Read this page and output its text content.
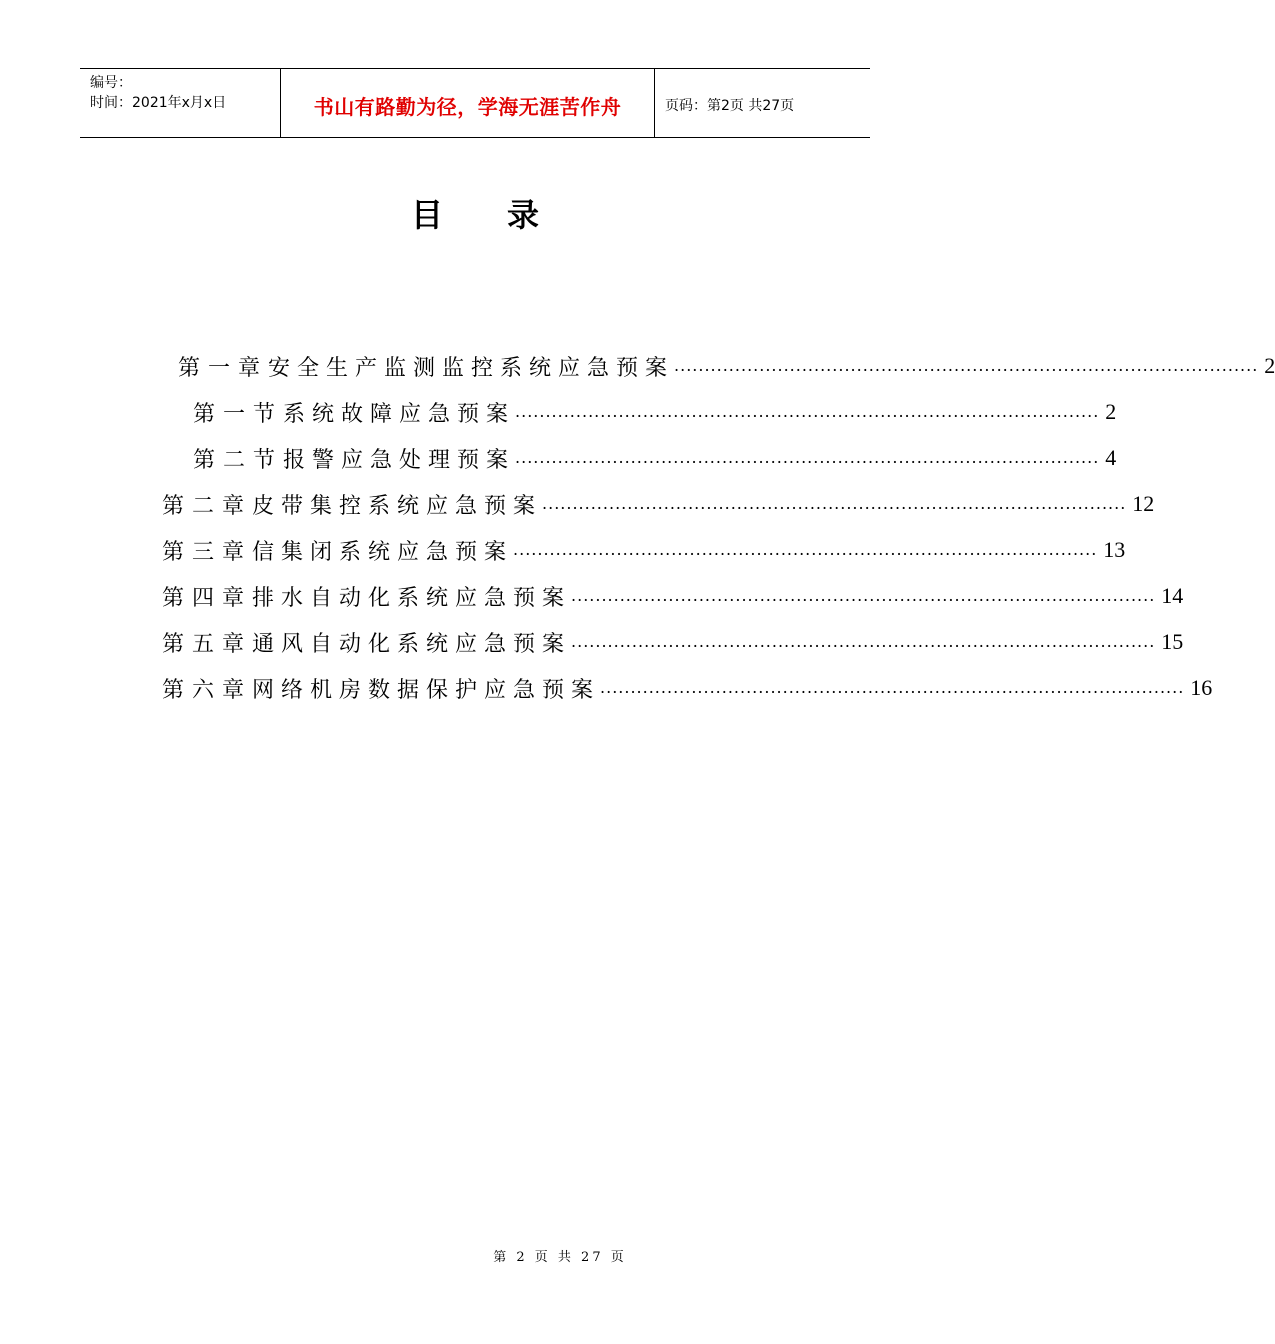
编号：
时间：2021年x月x日	书山有路勤为径，学海无涯苦作舟	页码：第2页 共27页
目录
第一章 安全生产监测监控系统应急预案 ................................................................................................ 2
第一节 系统故障应急预案 ................................................................................................ 2
第二节 报警应急处理预案 ................................................................................................ 4
第二章 皮带集控系统应急预案 ................................................................................................ 12
第三章 信集闭系统应急预案 ................................................................................................ 13
第四章 排水自动化系统应急预案 ................................................................................................ 14
第五章 通风自动化系统应急预案 ................................................................................................ 15
第六章 网络机房数据保护应急预案 ................................................................................................ 16
第 2 页 共 27 页
